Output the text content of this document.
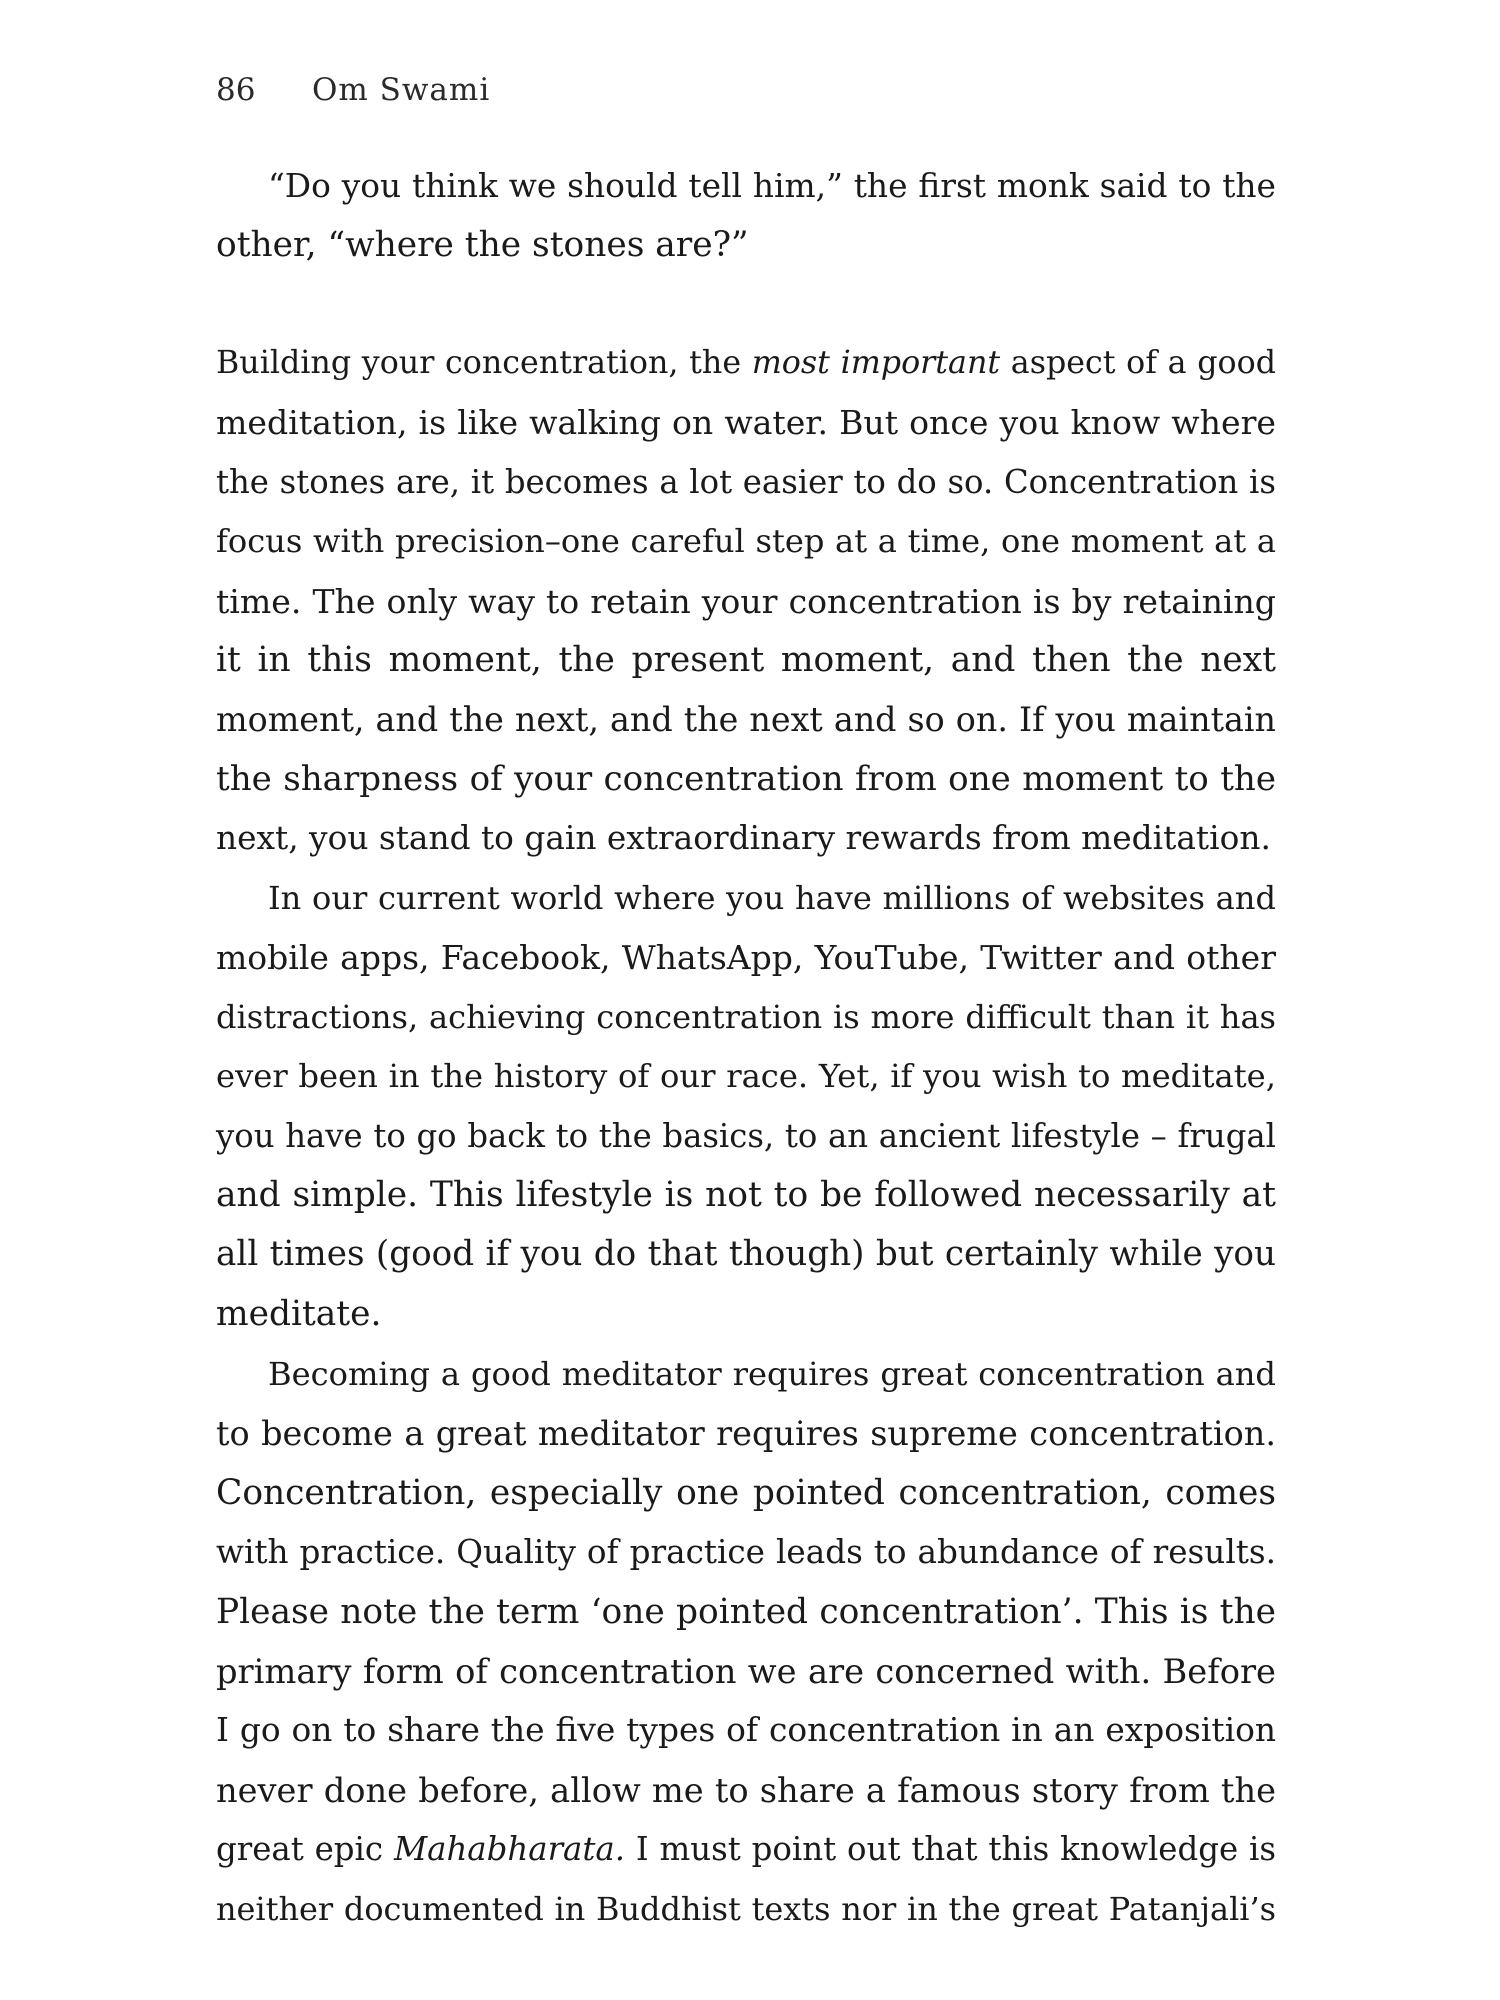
86 Om Swami
“Do you think we should tell him,” the first monk said to the
other, “where the stones are?”
Building your concentration, the most important aspect of a good
meditation, is like walking on water. But once you know where
the stones are, it becomes a lot easier to do so. Concentration is
focus with precision–one careful step at a time, one moment at a
time. The only way to retain your concentration is by retaining
it in this moment, the present moment, and then the next
moment, and the next, and the next and so on. If you maintain
the sharpness of your concentration from one moment to the
next, you stand to gain extraordinary rewards from meditation.
In our current world where you have millions of websites and
mobile apps, Facebook, WhatsApp, YouTube, Twitter and other
distractions, achieving concentration is more difficult than it has
ever been in the history of our race. Yet, if you wish to meditate,
you have to go back to the basics, to an ancient lifestyle – frugal
and simple. This lifestyle is not to be followed necessarily at
all times (good if you do that though) but certainly while you
meditate.
Becoming a good meditator requires great concentration and
to become a great meditator requires supreme concentration.
Concentration, especially one pointed concentration, comes
with practice. Quality of practice leads to abundance of results.
Please note the term ‘one pointed concentration’. This is the
primary form of concentration we are concerned with. Before
I go on to share the five types of concentration in an exposition
never done before, allow me to share a famous story from the
great epic Mahabharata. I must point out that this knowledge is
neither documented in Buddhist texts nor in the great Patanjali’s
